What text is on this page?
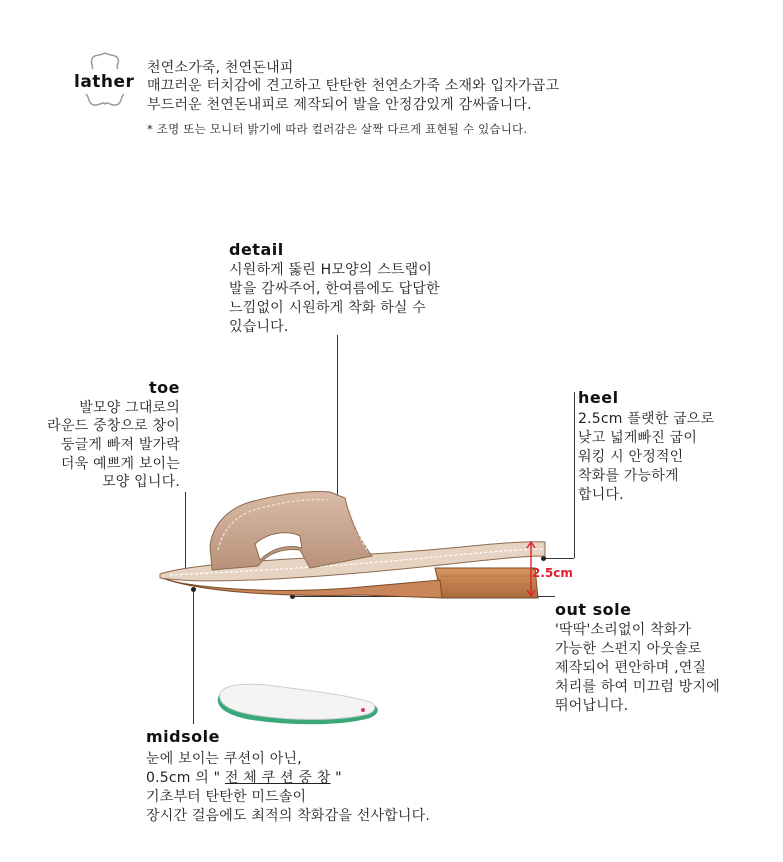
lather
천연소가죽, 천연돈내피
매끄러운 터치감에 견고하고 탄탄한 천연소가죽 소재와 입자가곱고
부드러운 천연돈내피로 제작되어 발을 안정감있게 감싸줍니다.
* 조명 또는 모니터 밝기에 따라 컬러감은 살짝 다르게 표현될 수 있습니다.
detail
시원하게 뚫린 H모양의 스트랩이
발을 감싸주어, 한여름에도 답답한
느낌없이 시원하게 착화 하실 수
있습니다.
toe
발모양 그대로의
라운드 중창으로 창이
둥글게 빠져 발가락
더욱 예쁘게 보이는
모양 입니다.
heel
2.5cm 플랫한 굽으로
낮고 넓게빠진 굽이
워킹 시 안정적인
착화를 가능하게
합니다.
out sole
'딱딱'소리없이 착화가
가능한 스펀지 아웃솔로
제작되어 편안하며 ,연질
처리를 하여 미끄럼 방지에
뛰어납니다.
2.5cm
midsole
눈에 보이는 쿠션이 아닌,
0.5cm 의 " 전 체 쿠 션 중 창 "
기초부터 탄탄한 미드솔이
장시간 걸음에도 최적의 착화감을 선사합니다.
